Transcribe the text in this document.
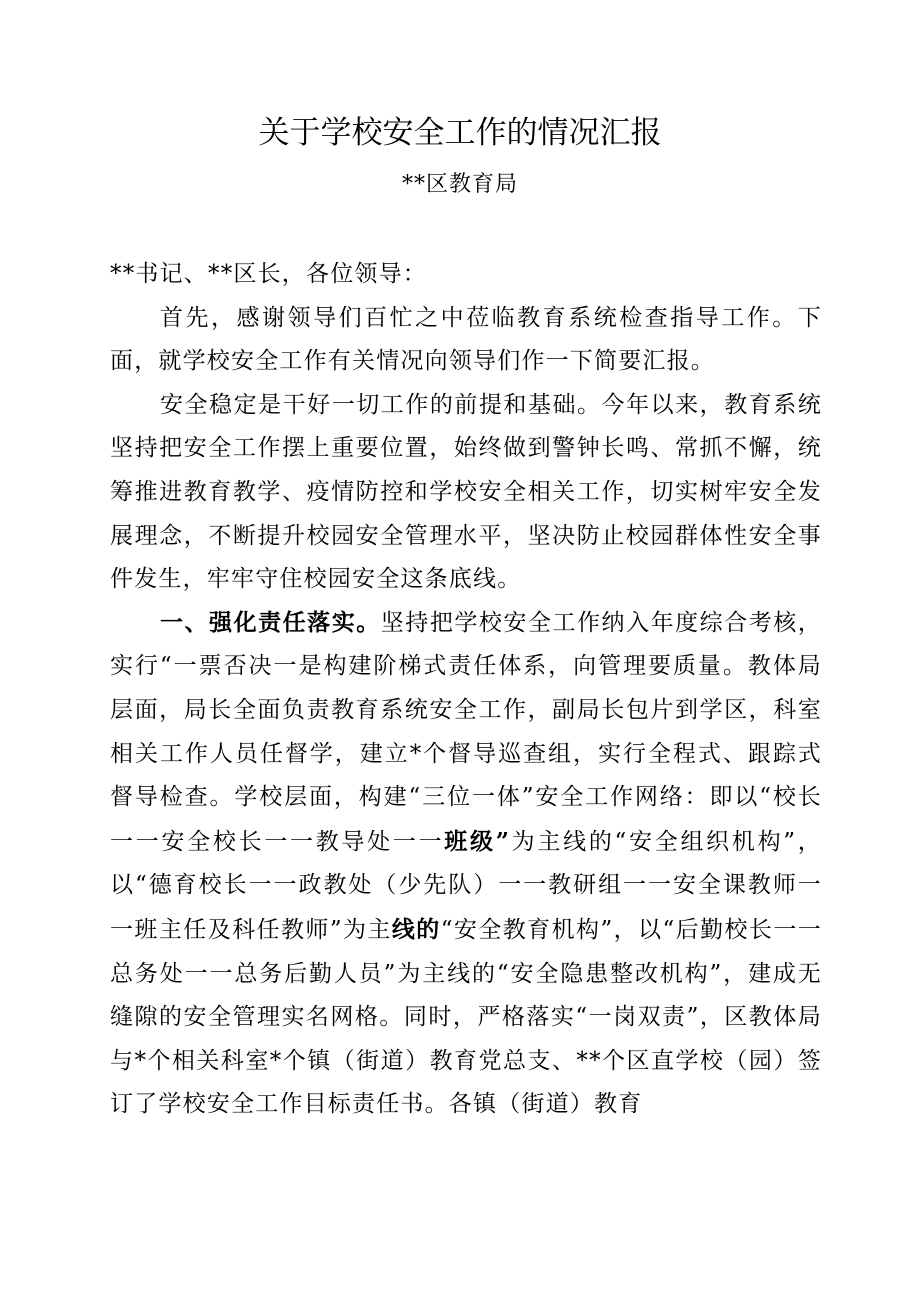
关于学校安全工作的情况汇报
**区教育局

**书记、**区长，各位领导：

首先，感谢领导们百忙之中莅临教育系统检查指导工作。下面，就学校安全工作有关情况向领导们作一下简要汇报。

安全稳定是干好一切工作的前提和基础。今年以来，教育系统坚持把安全工作摆上重要位置，始终做到警钟长鸣、常抓不懈，统筹推进教育教学、疫情防控和学校安全相关工作，切实树牢安全发展理念，不断提升校园安全管理水平，坚决防止校园群体性安全事件发生，牢牢守住校园安全这条底线。

一、强化责任落实。坚持把学校安全工作纳入年度综合考核，实行“一票否决一是构建阶梯式责任体系，向管理要质量。教体局层面，局长全面负责教育系统安全工作，副局长包片到学区，科室相关工作人员任督学，建立*个督导巡查组，实行全程式、跟踪式督导检查。学校层面，构建“三位一体”安全工作网络：即以“校长一一安全校长一一教导处一一班级”为主线的“安全组织机构”，以“德育校长一一政教处（少先队）一一教研组一一安全课教师一一班主任及科任教师”为主线的“安全教育机构”，以“后勤校长一一总务处一一总务后勤人员”为主线的“安全隐患整改机构”，建成无缝隙的安全管理实名网格。同时，严格落实“一岗双责”，区教体局与*个相关科室*个镇（街道）教育党总支、**个区直学校（园）签订了学校安全工作目标责任书。各镇（街道）教育
